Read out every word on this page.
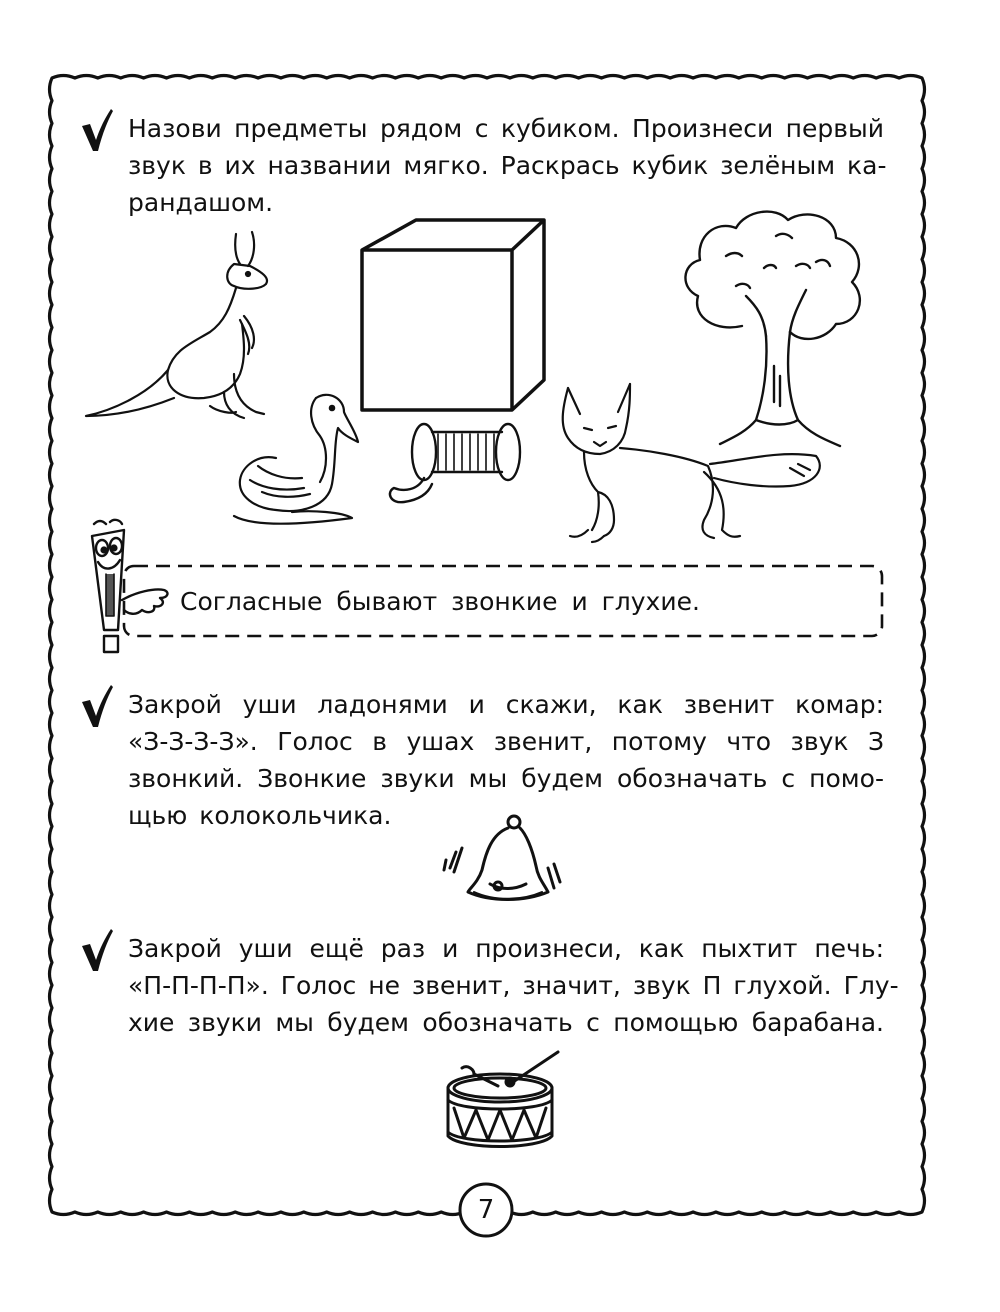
Назови предметы рядом с кубиком. Произнеси первый
звук в их названии мягко. Раскрась кубик зелёным ка-
рандашом.
Согласные бывают звонкие и глухие.
Закрой уши ладонями и скажи, как звенит комар:
«З-З-З-З». Голос в ушах звенит, потому что звук З
звонкий. Звонкие звуки мы будем обозначать с помо-
щью колокольчика.
Закрой уши ещё раз и произнеси, как пыхтит печь:
«П-П-П-П». Голос не звенит, значит, звук П глухой. Глу-
хие звуки мы будем обозначать с помощью барабана.
7
